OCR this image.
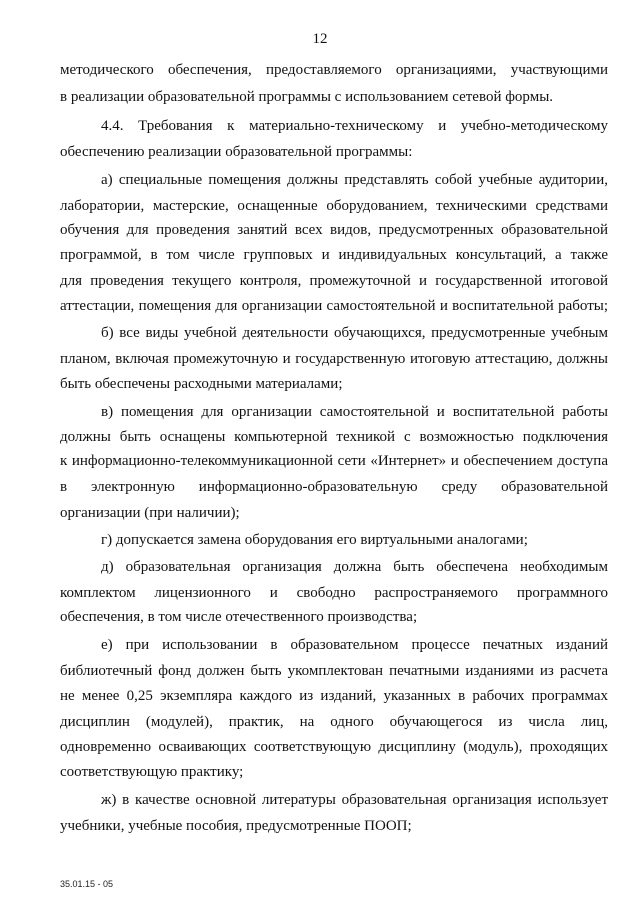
12
методического обеспечения, предоставляемого организациями, участвующими
в реализации образовательной программы с использованием сетевой формы.
4.4. Требования к материально-техническому и учебно-методическому
обеспечению реализации образовательной программы:
а) специальные помещения должны представлять собой учебные аудитории,
лаборатории, мастерские, оснащенные оборудованием, техническими средствами
обучения для проведения занятий всех видов, предусмотренных образовательной
программой, в том числе групповых и индивидуальных консультаций, а также
для проведения текущего контроля, промежуточной и государственной итоговой
аттестации, помещения для организации самостоятельной и воспитательной работы;
б) все виды учебной деятельности обучающихся, предусмотренные учебным
планом, включая промежуточную и государственную итоговую аттестацию, должны
быть обеспечены расходными материалами;
в) помещения для организации самостоятельной и воспитательной работы
должны быть оснащены компьютерной техникой с возможностью подключения
к информационно-телекоммуникационной сети «Интернет» и обеспечением доступа
в электронную информационно-образовательную среду образовательной
организации (при наличии);
г) допускается замена оборудования его виртуальными аналогами;
д) образовательная организация должна быть обеспечена необходимым
комплектом лицензионного и свободно распространяемого программного
обеспечения, в том числе отечественного производства;
е) при использовании в образовательном процессе печатных изданий
библиотечный фонд должен быть укомплектован печатными изданиями из расчета
не менее 0,25 экземпляра каждого из изданий, указанных в рабочих программах
дисциплин (модулей), практик, на одного обучающегося из числа лиц,
одновременно осваивающих соответствующую дисциплину (модуль), проходящих
соответствующую практику;
ж) в качестве основной литературы образовательная организация использует
учебники, учебные пособия, предусмотренные ПООП;
35.01.15 - 05
